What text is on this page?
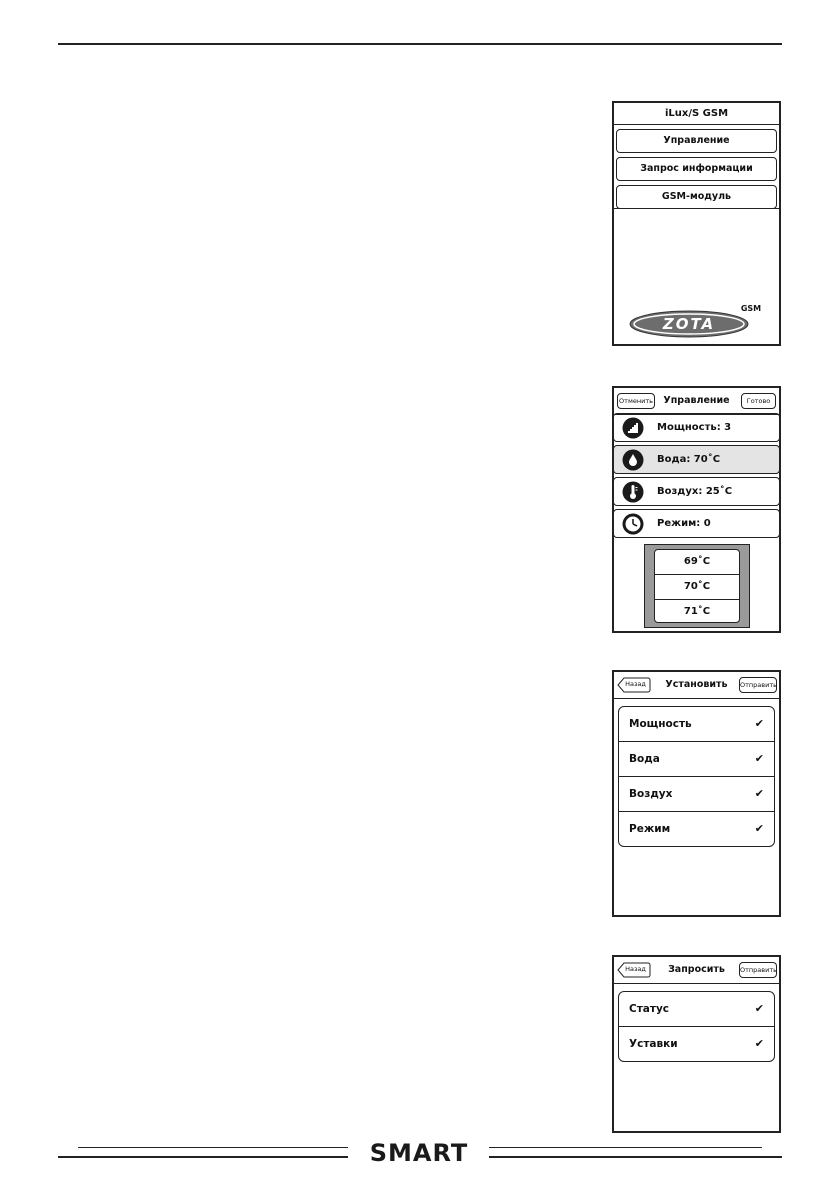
iLux/S GSM
Управление
Запрос информации
GSM-модуль
ZOTA
GSM
Управление
Отменить	Готово
Мощность: 3
Вода: 70˚C
Воздух: 25˚C
Режим: 0
69˚C
70˚C
71˚C
Установить
Назад	Отправить
Мощность	✔
Вода	✔
Воздух	✔
Режим	✔
Запросить
Назад	Отправить
Статус	✔
Уставки	✔
SMART
